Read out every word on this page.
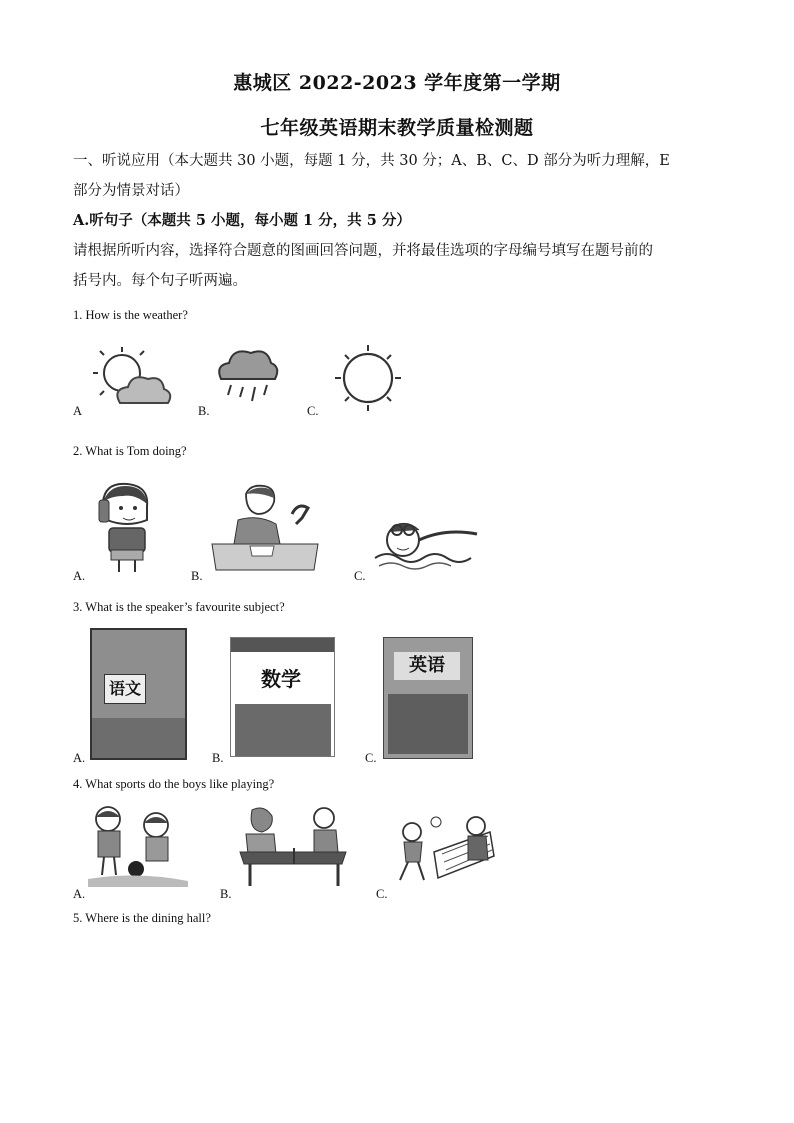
惠城区 2022-2023 学年度第一学期
七年级英语期末教学质量检测题
一、听说应用（本大题共 30 小题，每题 1 分，共 30 分；A、B、C、D 部分为听力理解，E
部分为情景对话）
A.听句子（本题共 5 小题，每小题 1 分，共 5 分）
请根据所听内容，选择符合题意的图画回答问题，并将最佳选项的字母编号填写在题号前的
括号内。每个句子听两遍。
1. How is the weather?
A	B.	C.
2. What is Tom doing?
A.	B.	C.
3. What is the speaker’s favourite subject?
语文	数学
英语
A.	B.	C.
4. What sports do the boys like playing?
A.	B.	C.
5. Where is the dining hall?
